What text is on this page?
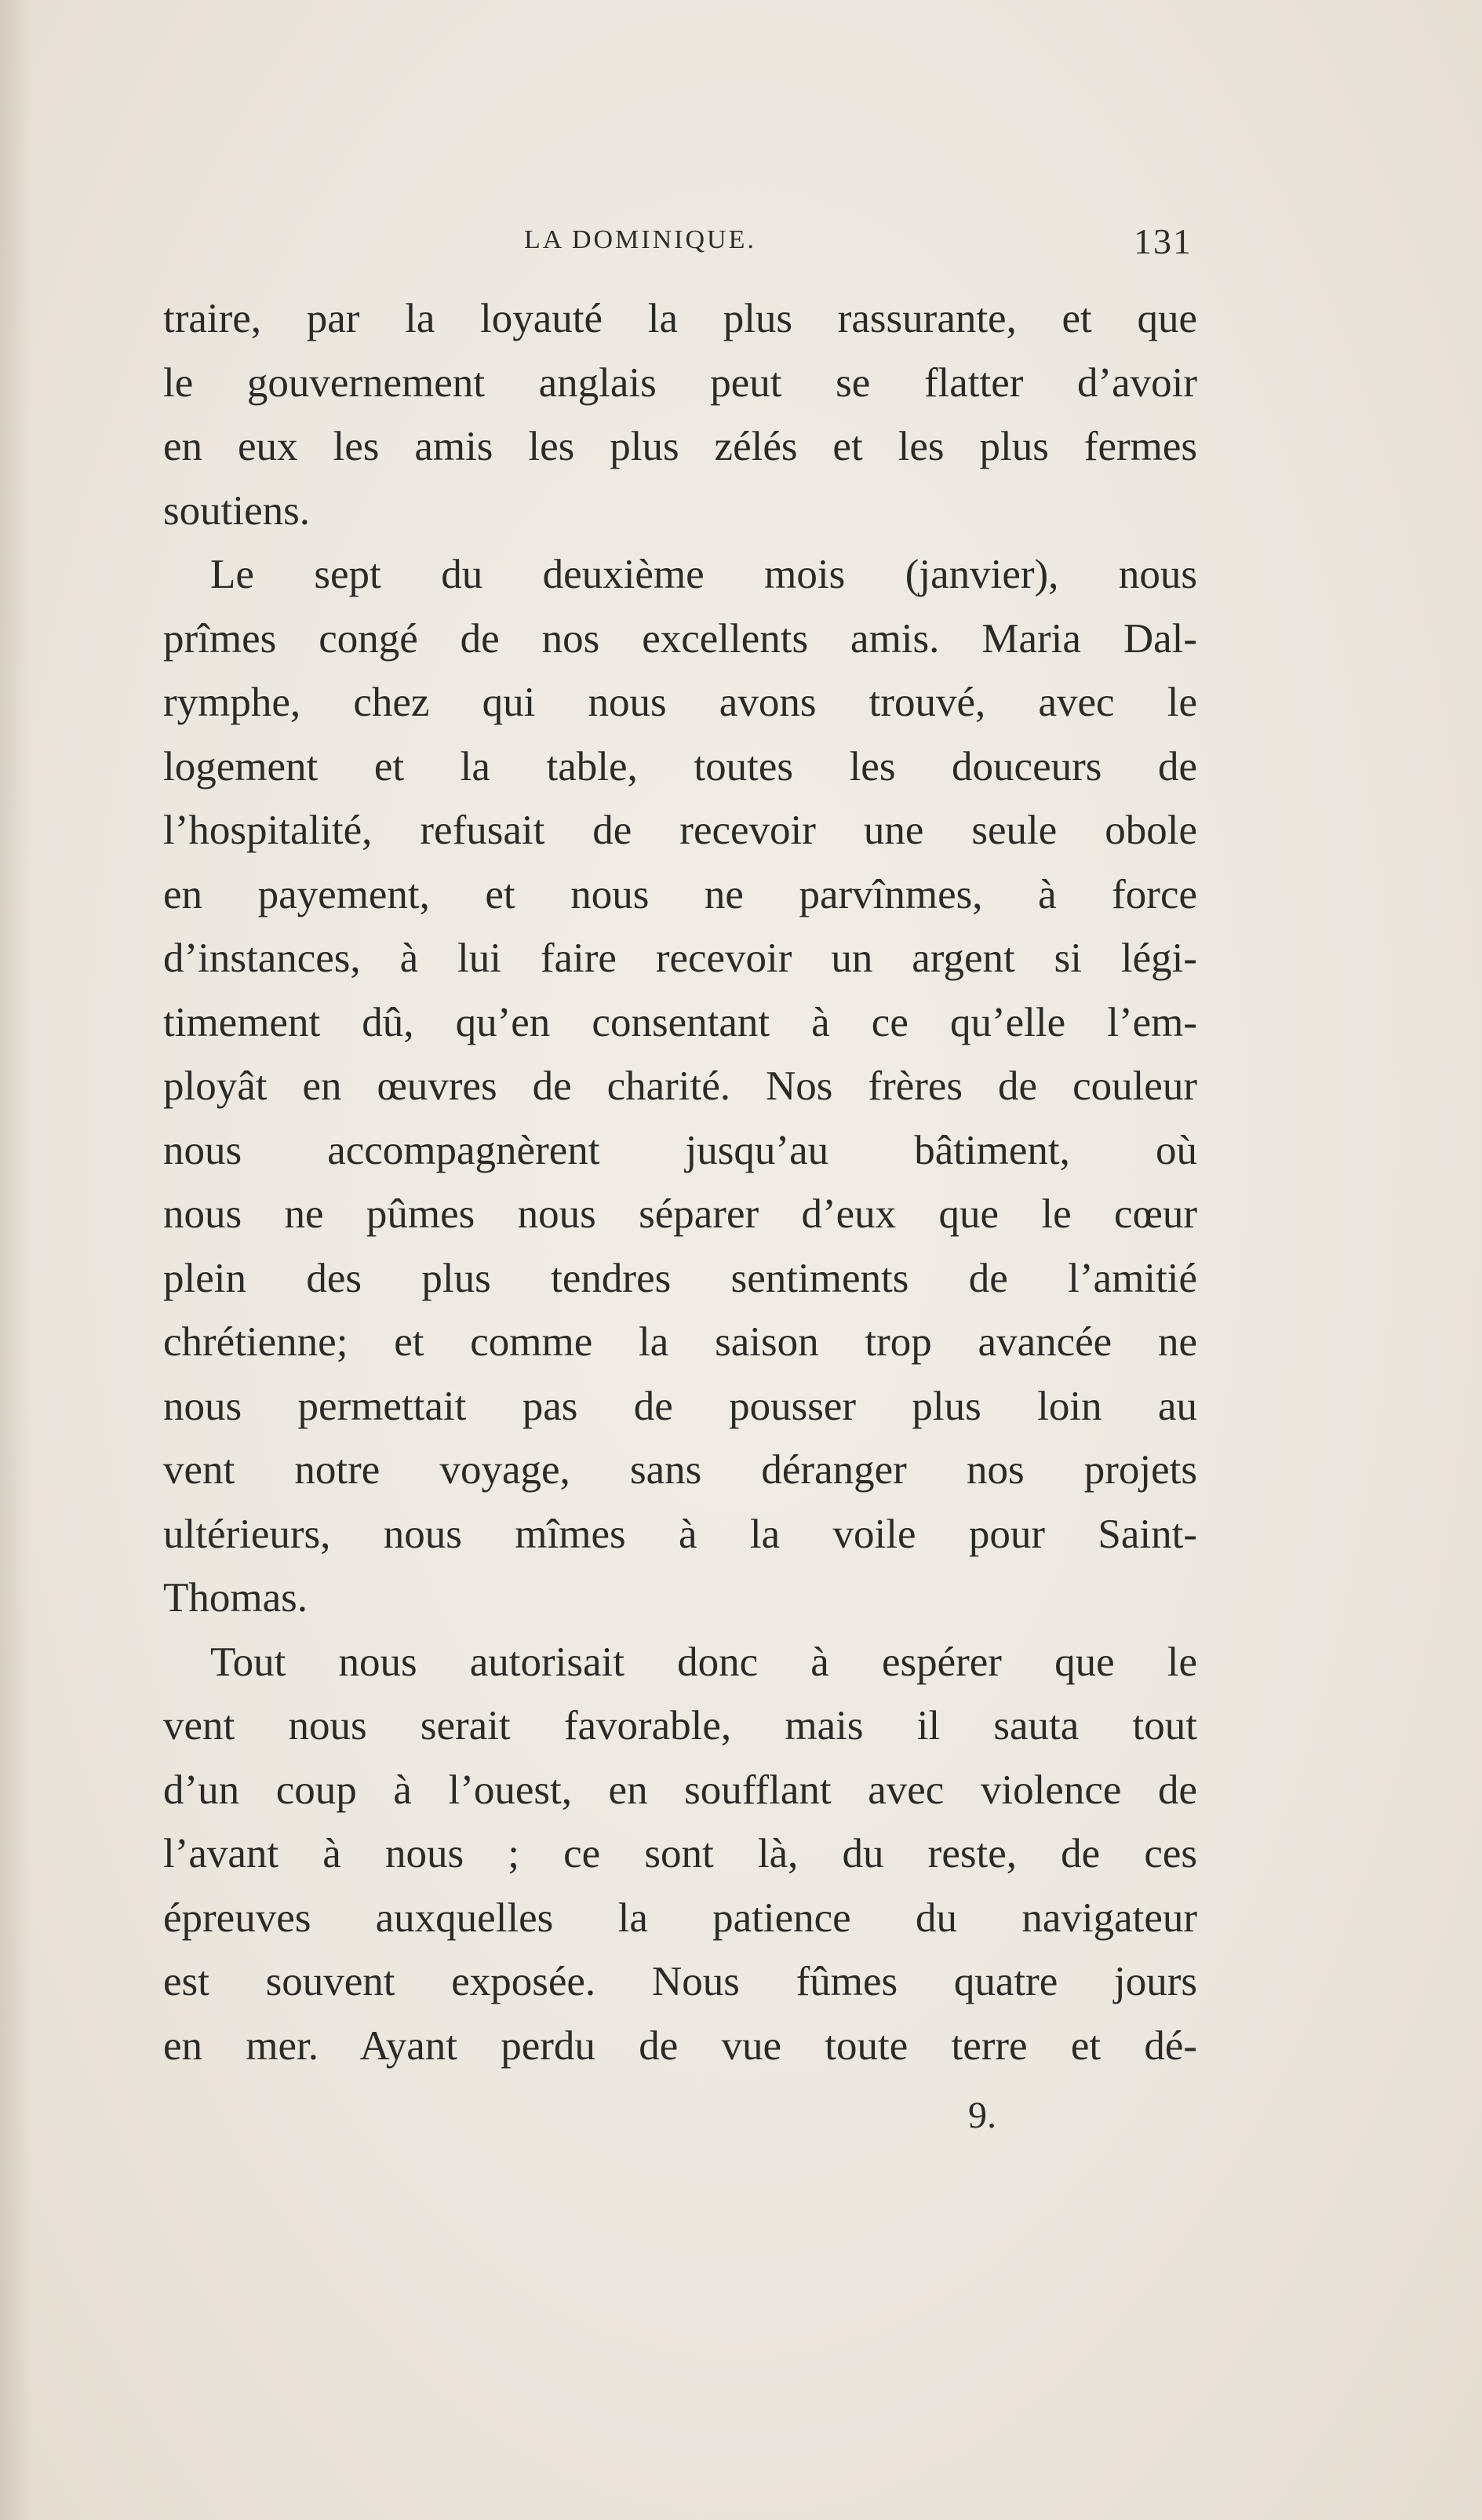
LA DOMINIQUE.	131
traire, par la loyauté la plus rassurante, et que
le gouvernement anglais peut se flatter d’avoir
en eux les amis les plus zélés et les plus fermes
soutiens.
Le sept du deuxième mois (janvier), nous
prîmes congé de nos excellents amis. Maria Dal-
rymphe, chez qui nous avons trouvé, avec le
logement et la table, toutes les douceurs de
l’hospitalité, refusait de recevoir une seule obole
en payement, et nous ne parvînmes, à force
d’instances, à lui faire recevoir un argent si légi-
timement dû, qu’en consentant à ce qu’elle l’em-
ployât en œuvres de charité. Nos frères de couleur
nous accompagnèrent jusqu’au bâtiment, où
nous ne pûmes nous séparer d’eux que le cœur
plein des plus tendres sentiments de l’amitié
chrétienne; et comme la saison trop avancée ne
nous permettait pas de pousser plus loin au
vent notre voyage, sans déranger nos projets
ultérieurs, nous mîmes à la voile pour Saint-
Thomas.
Tout nous autorisait donc à espérer que le
vent nous serait favorable, mais il sauta tout
d’un coup à l’ouest, en soufflant avec violence de
l’avant à nous ; ce sont là, du reste, de ces
épreuves auxquelles la patience du navigateur
est souvent exposée. Nous fûmes quatre jours
en mer. Ayant perdu de vue toute terre et dé-
9.
